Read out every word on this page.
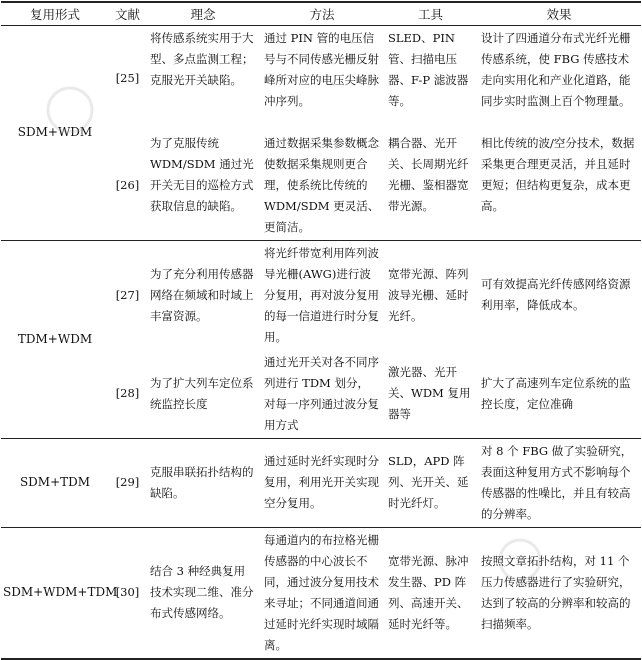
复用形式	文献	理念	方法	工具	效果
SDM+WDM	[25]	将传感系统实用于大型、多点监测工程；克服光开关缺陷。	通过 PIN 管的电压信号与不同传感光栅反射峰所对应的电压尖峰脉冲序列。	SLED、PIN 管、扫描电压器、F-P 滤波器等。	设计了四通道分布式光纤光栅传感系统，使 FBG 传感技术走向实用化和产业化道路，能同步实时监测上百个物理量。
	[26]	为了克服传统 WDM/SDM 通过光开关无目的巡检方式获取信息的缺陷。	通过数据采集参数概念使数据采集规则更合理，使系统比传统的 WDM/SDM 更灵活、更简洁。	耦合器、光开关、长周期光纤光栅、鉴相器宽带光源。	相比传统的波/空分技术，数据采集更合理更灵活，并且延时更短；但结构更复杂，成本更高。
TDM+WDM	[27]	为了充分利用传感器网络在频域和时域上丰富资源。	将光纤带宽利用阵列波导光栅(AWG)进行波分复用，再对波分复用的每一信道进行时分复用。	宽带光源、阵列波导光栅、延时光纤。	可有效提高光纤传感网络资源利用率，降低成本。
	[28]	为了扩大列车定位系统监控长度	通过光开关对各不同序列进行 TDM 划分，对每一序列通过波分复用方式	激光器、光开关、WDM 复用器等	扩大了高速列车定位系统的监控长度，定位准确
SDM+TDM	[29]	克服串联拓扑结构的缺陷。	通过延时光纤实现时分复用，利用光开关实现空分复用。	SLD，APD 阵列、光开关、延时光纤灯。	对 8 个 FBG 做了实验研究，表面这种复用方式不影响每个传感器的性噪比，并且有较高的分辨率。
SDM+WDM+TDM	[30]	结合 3 种经典复用技术实现二维、准分布式传感网络。	每通道内的布拉格光栅传感器的中心波长不同，通过波分复用技术来寻址；不同通道间通过延时光纤实现时域隔离。	宽带光源、脉冲发生器、PD 阵列、高速开关、延时光纤等。	按照文章拓扑结构，对 11 个压力传感器进行了实验研究，达到了较高的分辨率和较高的扫描频率。
